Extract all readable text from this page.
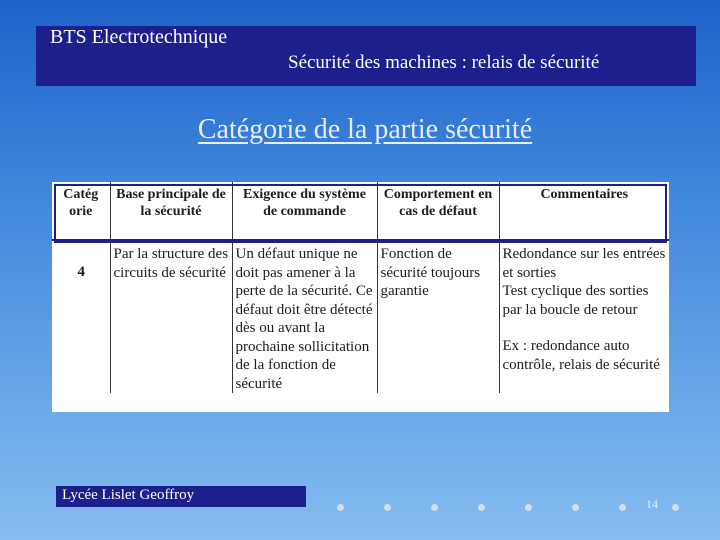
BTS Electrotechnique
Sécurité des machines : relais de sécurité
Catégorie de la partie sécurité
Catég orie	Base principale de la sécurité	Exigence du système de commande	Comportement en cas de défaut	Commentaires
4	Par la structure des circuits de sécurité	Un défaut unique ne doit pas amener à la perte de la sécurité. Ce défaut doit être détecté dès ou avant la prochaine sollicitation de la fonction de sécurité	Fonction de sécurité toujours garantie	Redondance sur les entrées et sorties
Test cyclique des sorties par la boucle de retour
Ex : redondance auto contrôle, relais de sécurité
Lycée Lislet Geoffroy
14
